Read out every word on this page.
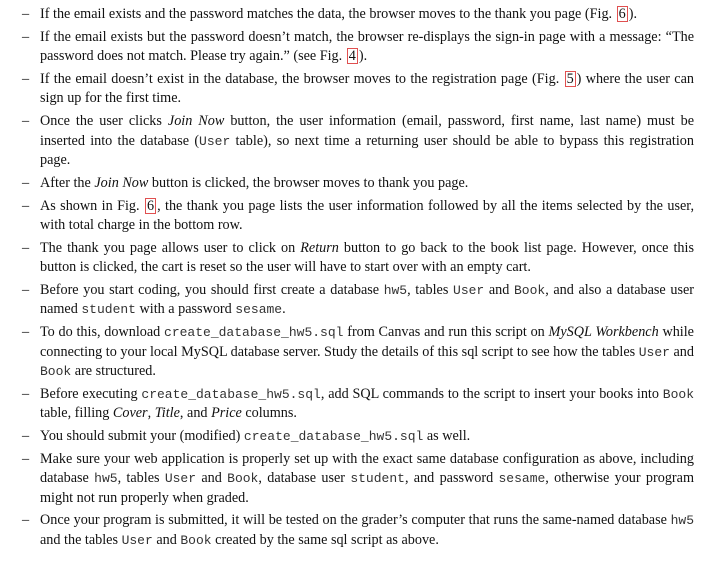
– If the email exists and the password matches the data, the browser moves to the thank you page (Fig. 6 ).
– If the email exists but the password doesn’t match, the browser re-displays the sign-in page with a message: “The password does not match. Please try again.” (see Fig. 4 ).
– If the email doesn’t exist in the database, the browser moves to the registration page (Fig. 5 ) where the user can sign up for the first time.
– Once the user clicks Join Now button, the user information (email, password, first name, last name) must be inserted into the database (User table), so next time a returning user should be able to bypass this registration page.
– After the Join Now button is clicked, the browser moves to thank you page.
– As shown in Fig. 6 , the thank you page lists the user information followed by all the items selected by the user, with total charge in the bottom row.
– The thank you page allows user to click on Return button to go back to the book list page. However, once this button is clicked, the cart is reset so the user will have to start over with an empty cart.
– Before you start coding, you should first create a database hw5, tables User and Book, and also a database user named student with a password sesame.
– To do this, download create_database_hw5.sql from Canvas and run this script on MySQL Workbench while connecting to your local MySQL database server. Study the details of this sql script to see how the tables User and Book are structured.
– Before executing create_database_hw5.sql, add SQL commands to the script to insert your books into Book table, filling Cover, Title, and Price columns.
– You should submit your (modified) create_database_hw5.sql as well.
– Make sure your web application is properly set up with the exact same database configuration as above, including database hw5, tables User and Book, database user student, and password sesame, otherwise your program might not run properly when graded.
– Once your program is submitted, it will be tested on the grader’s computer that runs the same-named database hw5 and the tables User and Book created by the same sql script as above.
